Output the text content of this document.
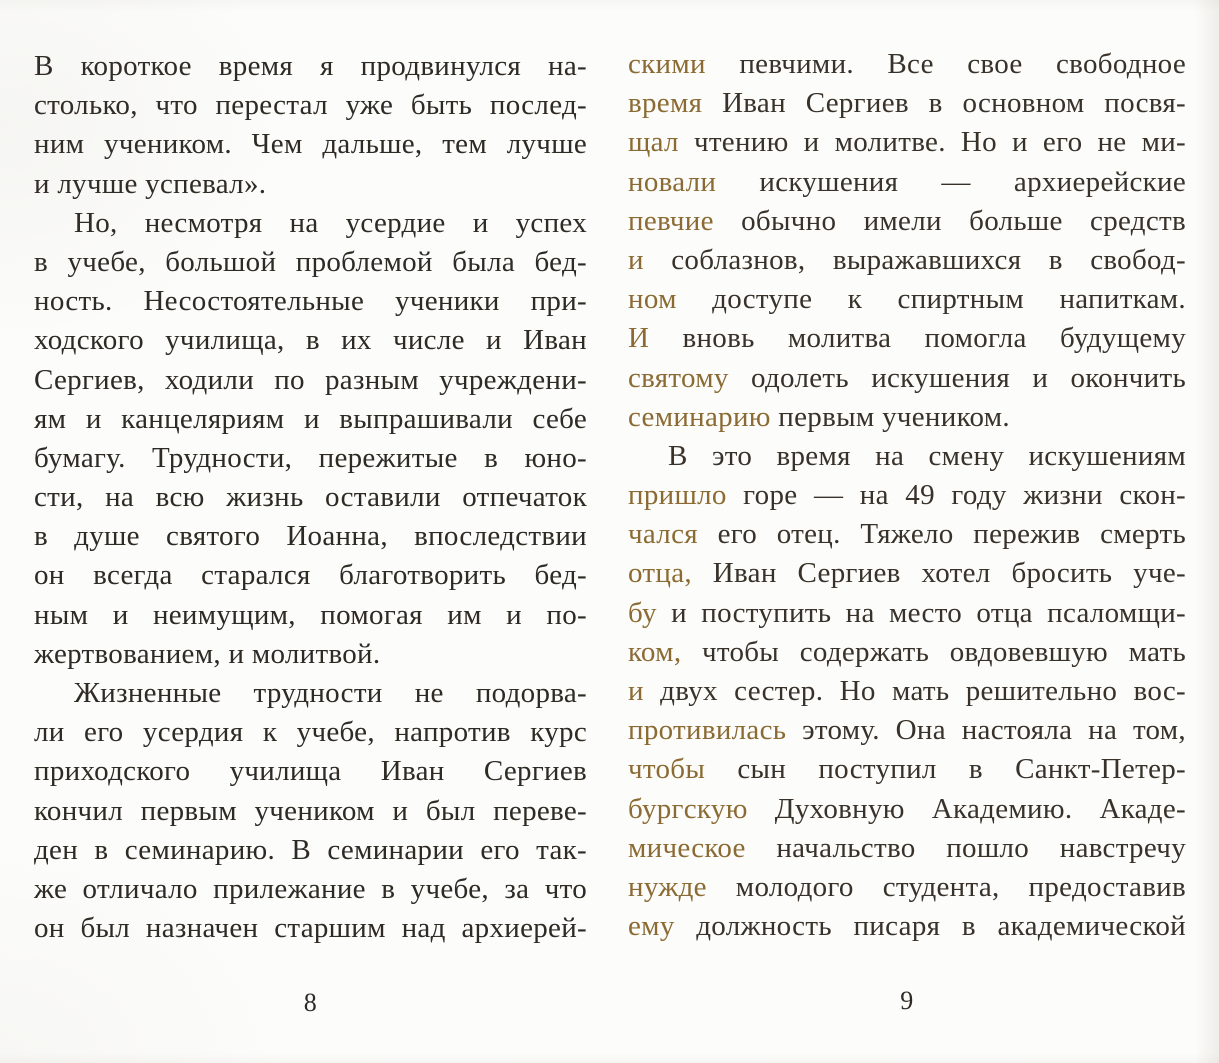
В короткое время я продвинулся на-
столько, что перестал уже быть послед-
ним учеником. Чем дальше, тем лучше
и лучше успевал».
Но, несмотря на усердие и успех
в учебе, большой проблемой была бед-
ность. Несостоятельные ученики при-
ходского училища, в их числе и Иван
Сергиев, ходили по разным учреждени-
ям и канцеляриям и выпрашивали себе
бумагу. Трудности, пережитые в юно-
сти, на всю жизнь оставили отпечаток
в душе святого Иоанна, впоследствии
он всегда старался благотворить бед-
ным и неимущим, помогая им и по-
жертвованием, и молитвой.
Жизненные трудности не подорва-
ли его усердия к учебе, напротив курс
приходского училища Иван Сергиев
кончил первым учеником и был переве-
ден в семинарию. В семинарии его так-
же отличало прилежание в учебе, за что
он был назначен старшим над архиерей-
8
скими певчими. Все свое свободное
время Иван Сергиев в основном посвя-
щал чтению и молитве. Но и его не ми-
новали искушения — архиерейские
певчие обычно имели больше средств
и соблазнов, выражавшихся в свобод-
ном доступе к спиртным напиткам.
И вновь молитва помогла будущему
святому одолеть искушения и окончить
семинарию первым учеником.
В это время на смену искушениям
пришло горе — на 49 году жизни скон-
чался его отец. Тяжело пережив смерть
отца, Иван Сергиев хотел бросить уче-
бу и поступить на место отца псаломщи-
ком, чтобы содержать овдовевшую мать
и двух сестер. Но мать решительно вос-
противилась этому. Она настояла на том,
чтобы сын поступил в Санкт-Петер-
бургскую Духовную Академию. Акаде-
мическое начальство пошло навстречу
нужде молодого студента, предоставив
ему должность писаря в академической
9
